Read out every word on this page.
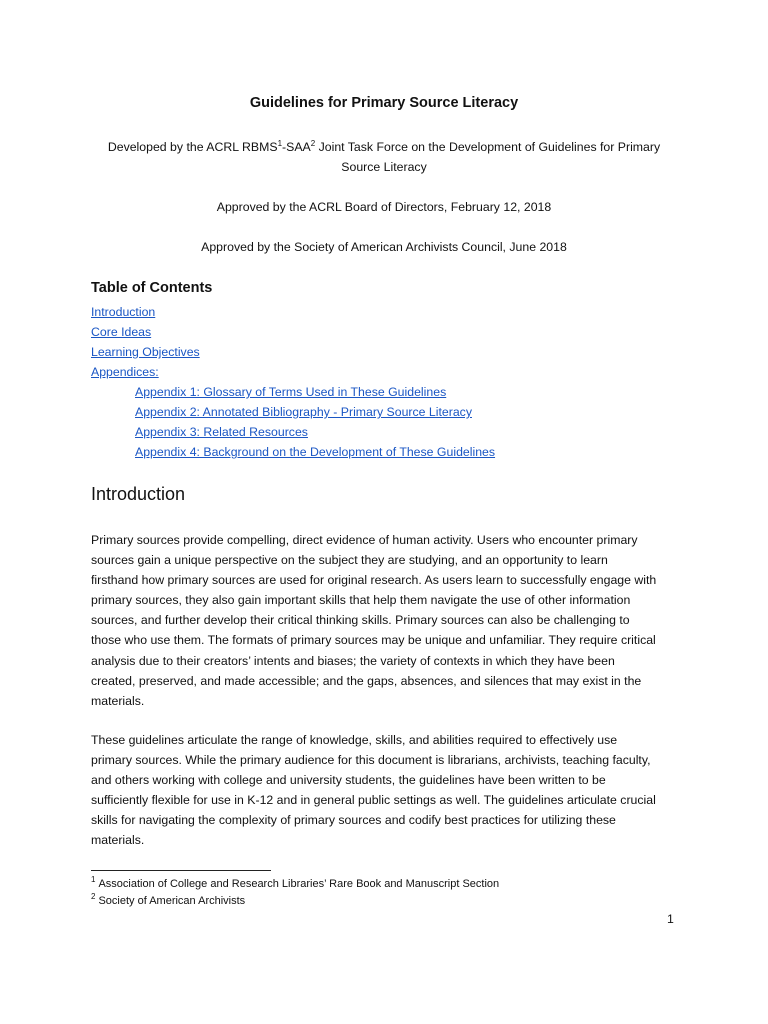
Guidelines for Primary Source Literacy
Developed by the ACRL RBMS$^1$-SAA$^2$ Joint Task Force on the Development of Guidelines for Primary
Source Literacy
Approved by the ACRL Board of Directors, February 12, 2018
Approved by the Society of American Archivists Council, June 2018
Table of Contents
Introduction
Core Ideas
Learning Objectives
Appendices:
Appendix 1: Glossary of Terms Used in These Guidelines
Appendix 2: Annotated Bibliography - Primary Source Literacy
Appendix 3: Related Resources
Appendix 4: Background on the Development of These Guidelines
Introduction

Primary sources provide compelling, direct evidence of human activity. Users who encounter primary
sources gain a unique perspective on the subject they are studying, and an opportunity to learn
firsthand how primary sources are used for original research. As users learn to successfully engage with
primary sources, they also gain important skills that help them navigate the use of other information
sources, and further develop their critical thinking skills. Primary sources can also be challenging to
those who use them. The formats of primary sources may be unique and unfamiliar. They require critical
analysis due to their creators’ intents and biases; the variety of contexts in which they have been
created, preserved, and made accessible; and the gaps, absences, and silences that may exist in the
materials.

These guidelines articulate the range of knowledge, skills, and abilities required to effectively use
primary sources. While the primary audience for this document is librarians, archivists, teaching faculty,
and others working with college and university students, the guidelines have been written to be
sufficiently flexible for use in K-12 and in general public settings as well. The guidelines articulate crucial
skills for navigating the complexity of primary sources and codify best practices for utilizing these
materials.

$^1$ Association of College and Research Libraries’ Rare Book and Manuscript Section
$^2$ Society of American Archivists
1
